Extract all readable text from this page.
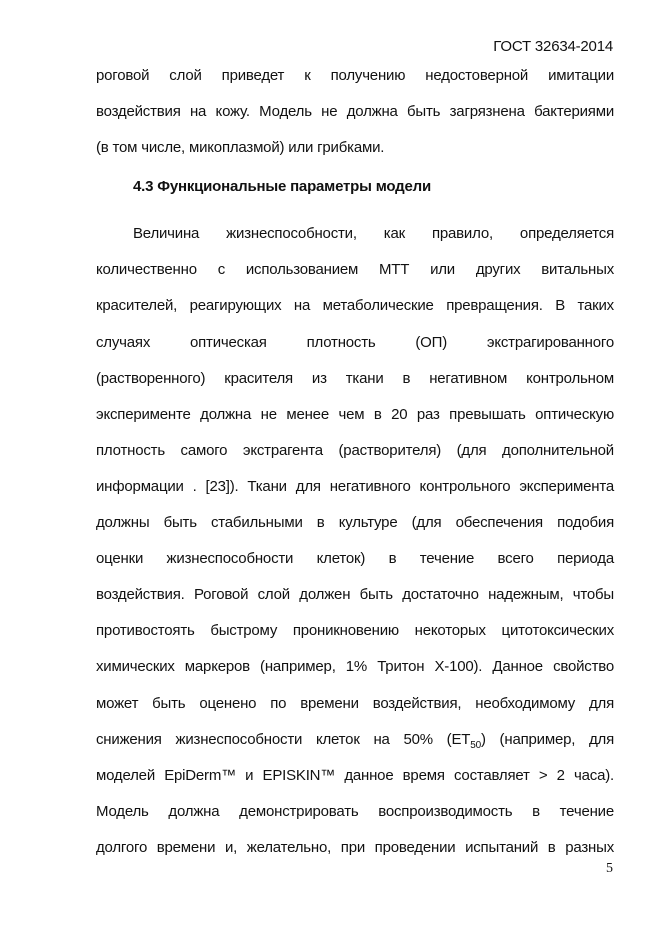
ГОСТ 32634-2014
роговой слой приведет к получению недостоверной имитации
воздействия на кожу. Модель не должна быть загрязнена бактериями
(в том числе, микоплазмой) или грибками.
4.3 Функциональные параметры модели
Величина жизнеспособности, как правило, определяется
количественно с использованием МТТ или других витальных
красителей, реагирующих на метаболические превращения. В таких
случаях оптическая плотность (ОП) экстрагированного
(растворенного) красителя из ткани в негативном контрольном
эксперименте должна не менее чем в 20 раз превышать оптическую
плотность самого экстрагента (растворителя) (для дополнительной
информации . [23]). Ткани для негативного контрольного эксперимента
должны быть стабильными в культуре (для обеспечения подобия
оценки жизнеспособности клеток) в течение всего периода
воздействия. Роговой слой должен быть достаточно надежным, чтобы
противостоять быстрому проникновению некоторых цитотоксических
химических маркеров (например, 1% Тритон Х-100). Данное свойство
может быть оценено по времени воздействия, необходимому для
снижения жизнеспособности клеток на 50% $(ET_{50})$ (например, для
моделей EpiDerm™ и EPISKIN™ данное время составляет > 2 часа).
Модель должна демонстрировать воспроизводимость в течение
долгого времени и, желательно, при проведении испытаний в разных
5
